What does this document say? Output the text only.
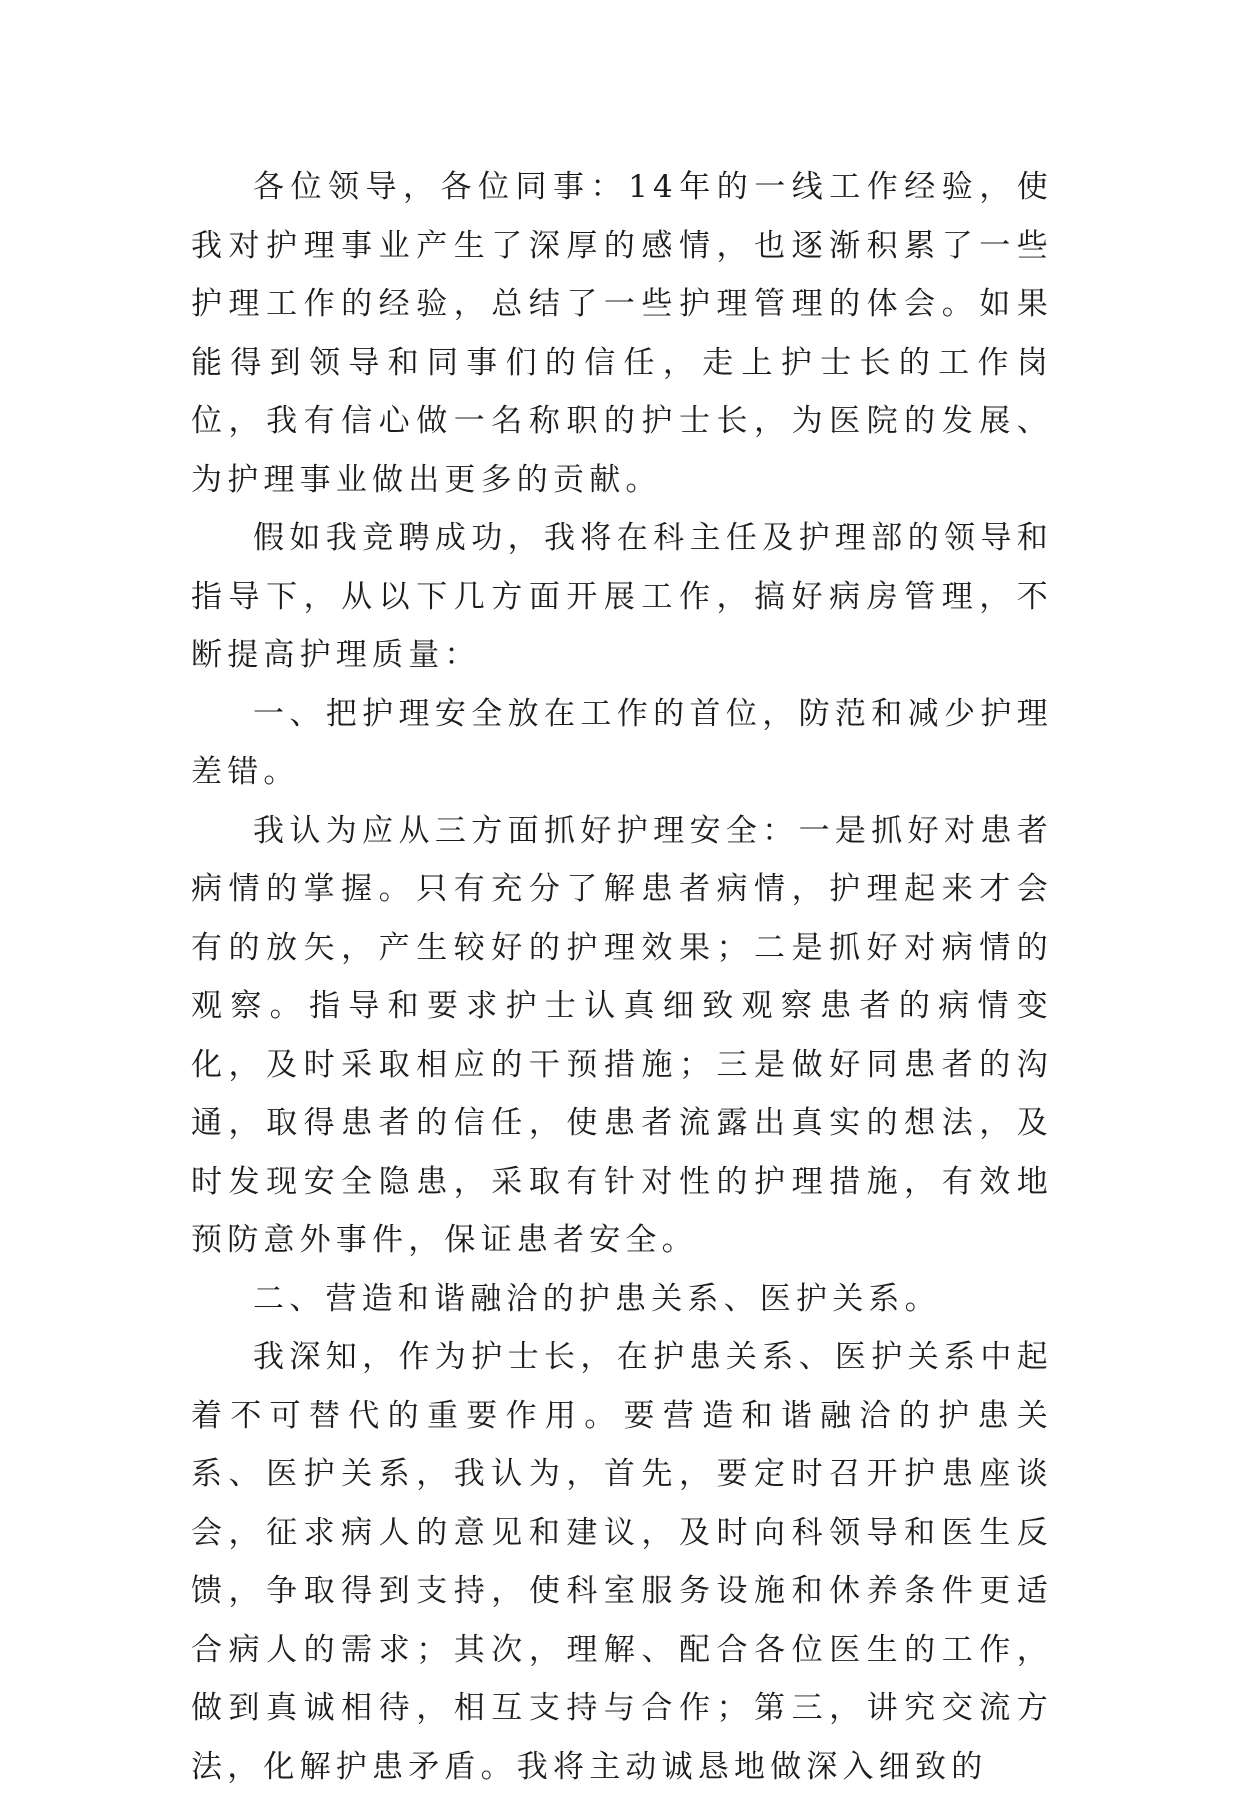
各位领导，各位同事：14年的一线工作经验，使我对护理事业产生了深厚的感情，也逐渐积累了一些护理工作的经验，总结了一些护理管理的体会。如果能得到领导和同事们的信任，走上护士长的工作岗位，我有信心做一名称职的护士长，为医院的发展、为护理事业做出更多的贡献。

假如我竞聘成功，我将在科主任及护理部的领导和指导下，从以下几方面开展工作，搞好病房管理，不断提高护理质量：

一、把护理安全放在工作的首位，防范和减少护理差错。

我认为应从三方面抓好护理安全：一是抓好对患者病情的掌握。只有充分了解患者病情，护理起来才会有的放矢，产生较好的护理效果；二是抓好对病情的观察。指导和要求护士认真细致观察患者的病情变化，及时采取相应的干预措施；三是做好同患者的沟通，取得患者的信任，使患者流露出真实的想法，及时发现安全隐患，采取有针对性的护理措施，有效地预防意外事件，保证患者安全。

二、营造和谐融洽的护患关系、医护关系。

我深知，作为护士长，在护患关系、医护关系中起着不可替代的重要作用。要营造和谐融洽的护患关系、医护关系，我认为，首先，要定时召开护患座谈会，征求病人的意见和建议，及时向科领导和医生反馈，争取得到支持，使科室服务设施和休养条件更适合病人的需求；其次，理解、配合各位医生的工作，做到真诚相待，相互支持与合作；第三，讲究交流方法，化解护患矛盾。我将主动诚恳地做深入细致的
